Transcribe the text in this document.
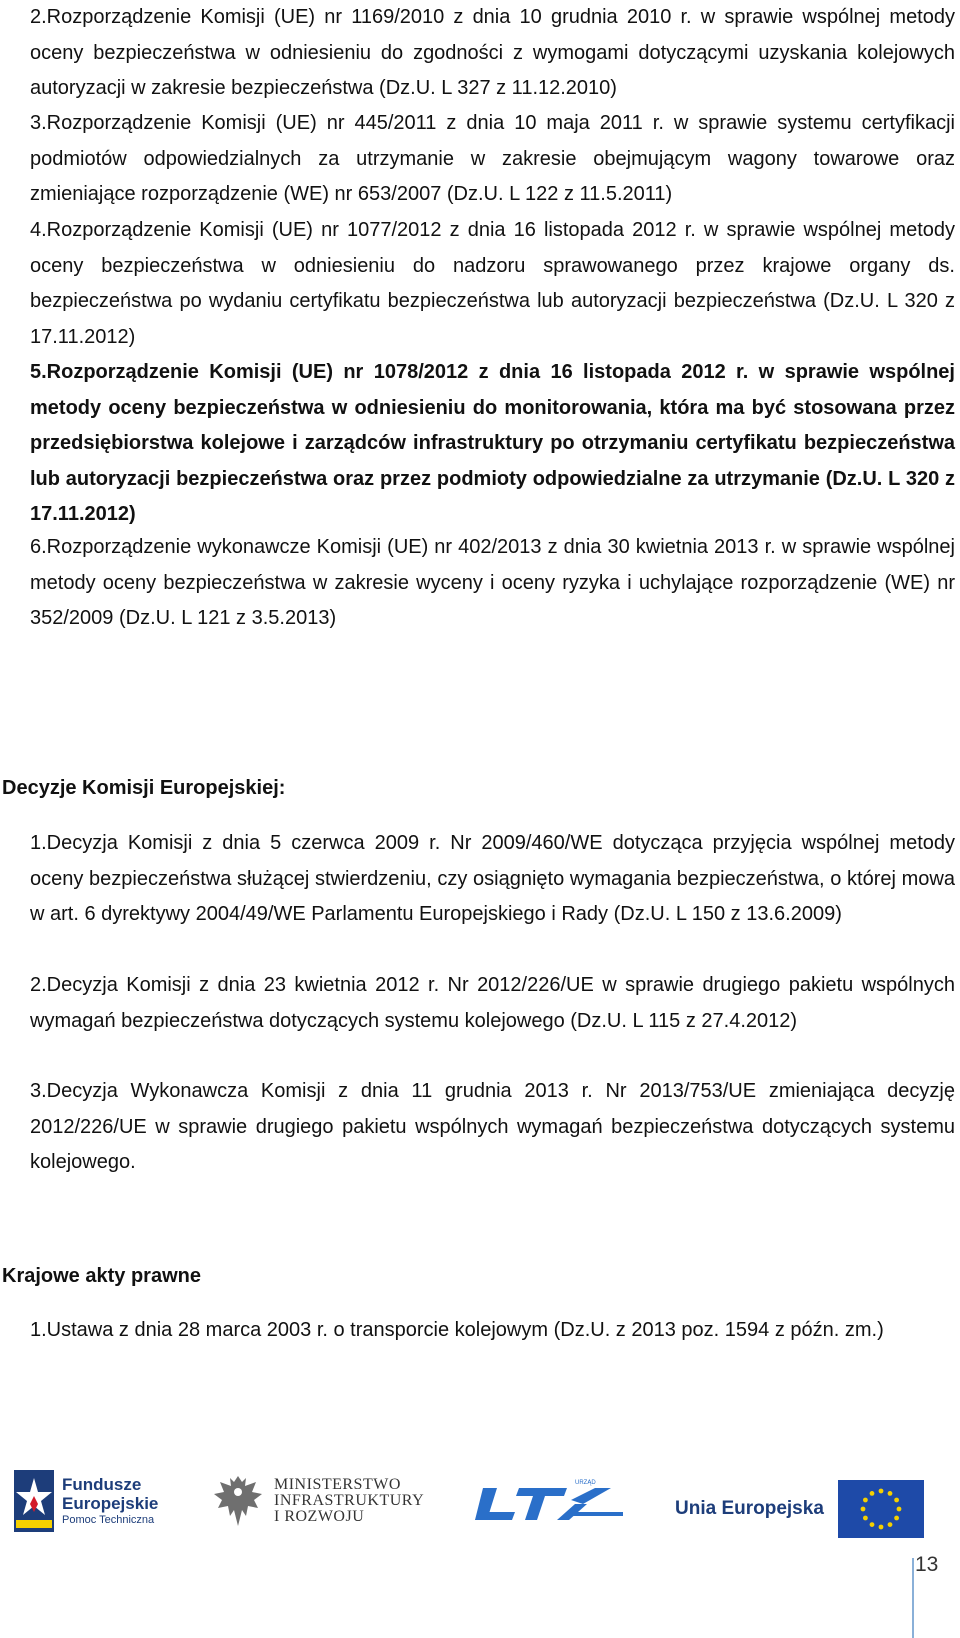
2.Rozporządzenie Komisji (UE) nr 1169/2010 z dnia 10 grudnia 2010 r. w sprawie wspólnej metody oceny bezpieczeństwa w odniesieniu do zgodności z wymogami dotyczącymi uzyskania kolejowych autoryzacji w zakresie bezpieczeństwa (Dz.U. L 327 z 11.12.2010)

3.Rozporządzenie Komisji (UE) nr 445/2011 z dnia 10 maja 2011 r. w sprawie systemu certyfikacji podmiotów odpowiedzialnych za utrzymanie w zakresie obejmującym wagony towarowe oraz zmieniające rozporządzenie (WE) nr 653/2007 (Dz.U. L 122 z 11.5.2011)

4.Rozporządzenie Komisji (UE) nr 1077/2012 z dnia 16 listopada 2012 r. w sprawie wspólnej metody oceny bezpieczeństwa w odniesieniu do nadzoru sprawowanego przez krajowe organy ds. bezpieczeństwa po wydaniu certyfikatu bezpieczeństwa lub autoryzacji bezpieczeństwa (Dz.U. L 320 z 17.11.2012)

5.Rozporządzenie Komisji (UE) nr 1078/2012 z dnia 16 listopada 2012 r. w sprawie wspólnej metody oceny bezpieczeństwa w odniesieniu do monitorowania, która ma być stosowana przez przedsiębiorstwa kolejowe i zarządców infrastruktury po otrzymaniu certyfikatu bezpieczeństwa lub autoryzacji bezpieczeństwa oraz przez podmioty odpowiedzialne za utrzymanie (Dz.U. L 320 z 17.11.2012)

6.Rozporządzenie wykonawcze Komisji (UE) nr 402/2013 z dnia 30 kwietnia 2013 r. w sprawie wspólnej metody oceny bezpieczeństwa w zakresie wyceny i oceny ryzyka i uchylające rozporządzenie (WE) nr 352/2009 (Dz.U. L 121 z 3.5.2013)

Decyzje Komisji Europejskiej:

1.Decyzja Komisji z dnia 5 czerwca 2009 r. Nr 2009/460/WE dotycząca przyjęcia wspólnej metody oceny bezpieczeństwa służącej stwierdzeniu, czy osiągnięto wymagania bezpieczeństwa, o której mowa w art. 6 dyrektywy 2004/49/WE Parlamentu Europejskiego i Rady (Dz.U. L 150 z 13.6.2009)

2.Decyzja Komisji z dnia 23 kwietnia 2012 r. Nr 2012/226/UE w sprawie drugiego pakietu wspólnych wymagań bezpieczeństwa dotyczących systemu kolejowego (Dz.U. L 115 z 27.4.2012)

3.Decyzja Wykonawcza Komisji z dnia 11 grudnia 2013 r. Nr 2013/753/UE zmieniająca decyzję 2012/226/UE w sprawie drugiego pakietu wspólnych wymagań bezpieczeństwa dotyczących systemu kolejowego.

Krajowe akty prawne

1.Ustawa z dnia 28 marca 2003 r. o transporcie kolejowym (Dz.U. z 2013 poz. 1594 z późn. zm.)

Fundusze
Europejskie
Pomoc Techniczna
MINISTERSTWO
INFRASTRUKTURY
I ROZWOJU
URZĄD
Unia Europejska
13
